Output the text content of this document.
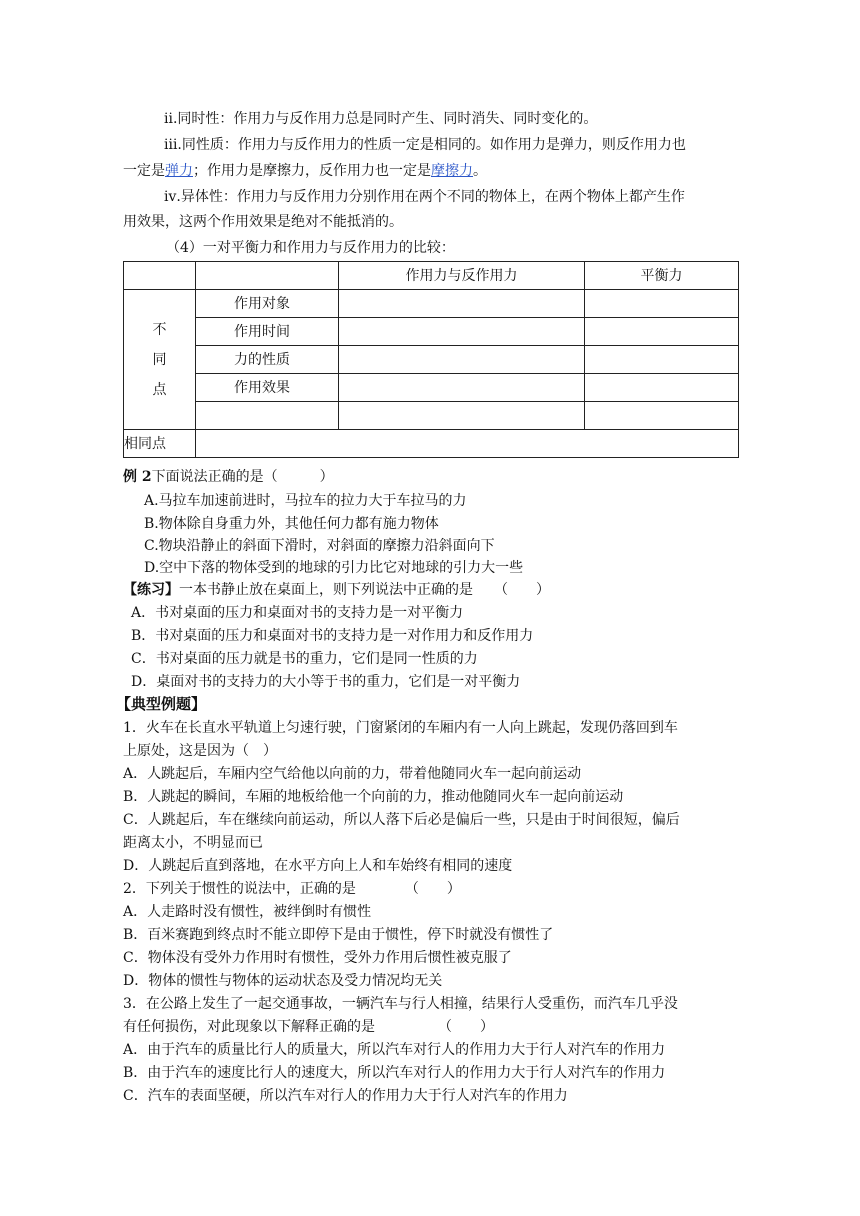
ⅱ.同时性：作用力与反作用力总是同时产生、同时消失、同时变化的。
ⅲ.同性质：作用力与反作用力的性质一定是相同的。如作用力是弹力，则反作用力也
一定是弹力；作用力是摩擦力，反作用力也一定是摩擦力。
ⅳ.异体性：作用力与反作用力分别作用在两个不同的物体上，在两个物体上都产生作
用效果，这两个作用效果是绝对不能抵消的。
（4）一对平衡力和作用力与反作用力的比较：
		作用力与反作用力	平衡力

不
同
点	作用对象		
	作用时间		
	力的性质		
	作用效果		

相同点			
例 2下面说法正确的是（　　　）
A.马拉车加速前进时，马拉车的拉力大于车拉马的力
B.物体除自身重力外，其他任何力都有施力物体
C.物块沿静止的斜面下滑时，对斜面的摩擦力沿斜面向下
D.空中下落的物体受到的地球的引力比它对地球的引力大一些
【练习】一本书静止放在桌面上，则下列说法中正确的是　　（　　）
A．书对桌面的压力和桌面对书的支持力是一对平衡力
B．书对桌面的压力和桌面对书的支持力是一对作用力和反作用力
C．书对桌面的压力就是书的重力，它们是同一性质的力
D．桌面对书的支持力的大小等于书的重力，它们是一对平衡力
【典型例题】
1．火车在长直水平轨道上匀速行驶，门窗紧闭的车厢内有一人向上跳起，发现仍落回到车
上原处，这是因为（　）
A．人跳起后，车厢内空气给他以向前的力，带着他随同火车一起向前运动
B．人跳起的瞬间，车厢的地板给他一个向前的力，推动他随同火车一起向前运动
C．人跳起后，车在继续向前运动，所以人落下后必是偏后一些，只是由于时间很短，偏后
距离太小，不明显而已
D．人跳起后直到落地，在水平方向上人和车始终有相同的速度
2．下列关于惯性的说法中，正确的是　　　　（　　）
A．人走路时没有惯性，被绊倒时有惯性
B．百米赛跑到终点时不能立即停下是由于惯性，停下时就没有惯性了
C．物体没有受外力作用时有惯性，受外力作用后惯性被克服了
D．物体的惯性与物体的运动状态及受力情况均无关
3．在公路上发生了一起交通事故，一辆汽车与行人相撞，结果行人受重伤，而汽车几乎没
有任何损伤，对此现象以下解释正确的是　　　　　（　　）
A．由于汽车的质量比行人的质量大，所以汽车对行人的作用力大于行人对汽车的作用力
B．由于汽车的速度比行人的速度大，所以汽车对行人的作用力大于行人对汽车的作用力
C．汽车的表面坚硬，所以汽车对行人的作用力大于行人对汽车的作用力
